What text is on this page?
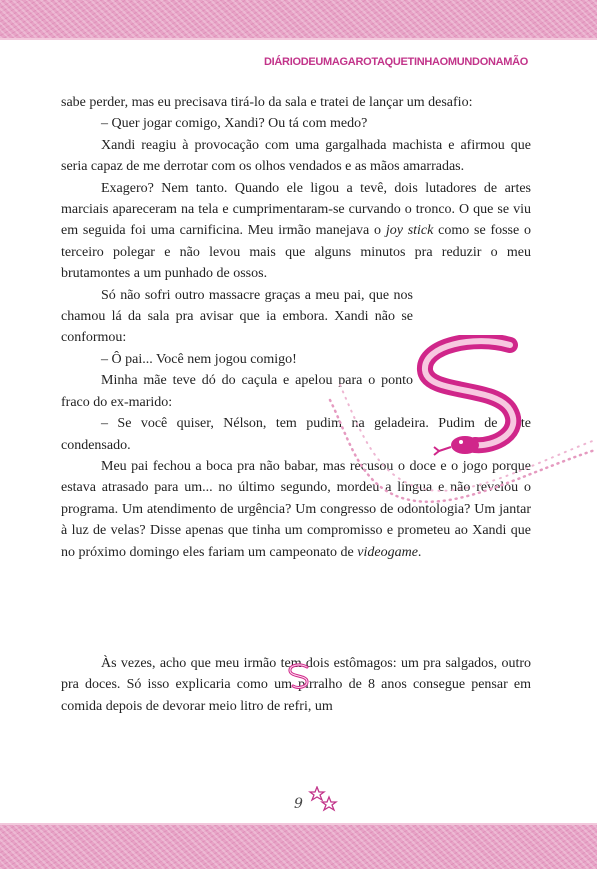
DIÁRIODEUMAGAROTAQUETINHAOMUNDONAMÃO

sabe perder, mas eu precisava tirá-lo da sala e tratei de lançar um desafio:

– Quer jogar comigo, Xandi? Ou tá com medo?

Xandi reagiu à provocação com uma gargalhada machista e afirmou que seria capaz de me derrotar com os olhos vendados e as mãos amarradas.

Exagero? Nem tanto. Quando ele ligou a tevê, dois lutadores de artes marciais apareceram na tela e cumprimentaram-se curvando o tronco. O que se viu em seguida foi uma carnificina. Meu irmão manejava o joy stick como se fosse o terceiro polegar e não levou mais que alguns minutos pra reduzir o meu brutamontes a um punhado de ossos.

Só não sofri outro massacre graças a meu pai, que nos chamou lá da sala pra avisar que ia embora. Xandi não se conformou:

– Ô pai... Você nem jogou comigo!

Minha mãe teve dó do caçula e apelou para o ponto fraco do ex-marido:

– Se você quiser, Nélson, tem pudim na geladeira. Pudim de leite condensado.

Meu pai fechou a boca pra não babar, mas recusou o doce e o jogo porque estava atrasado para um... no último segundo, mordeu a língua e não revelou o programa. Um atendimento de urgência? Um congresso de odontologia? Um jantar à luz de velas? Disse apenas que tinha um compromisso e prometeu ao Xandi que no próximo domingo eles fariam um campeonato de videogame.

Às vezes, acho que meu irmão tem dois estômagos: um pra salgados, outro pra doces. Só isso explicaria como um pirralho de 8 anos consegue pensar em comida depois de devorar meio litro de refri, um

9
